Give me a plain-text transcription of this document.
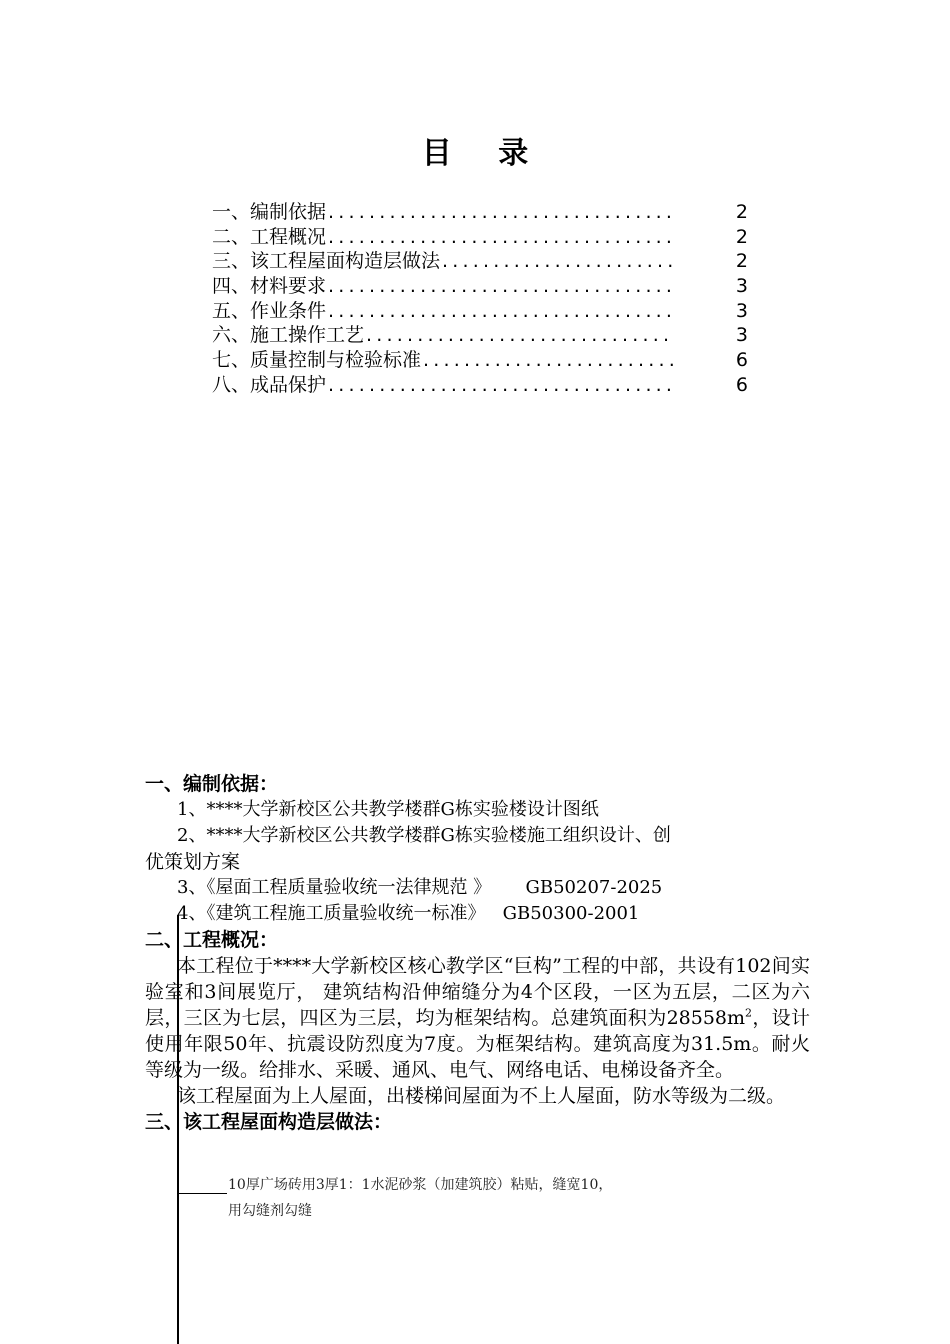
目 录
一、编制依据 ..................................	2
二、工程概况 ..................................	2
三、该工程屋面构造层做法 .......................	2
四、材料要求 ..................................	3
五、作业条件 ..................................	3
六、施工操作工艺 ..............................	3
七、质量控制与检验标准 .........................	6
八、成品保护 ..................................	6
一、编制依据：
1、****大学新校区公共教学楼群G栋实验楼设计图纸
2、****大学新校区公共教学楼群G栋实验楼施工组织设计、创
优策划方案
3、《屋面工程质量验收统一法律规范 》      GB50207-2025
4、《建筑工程施工质量验收统一标准》   GB50300-2001
二、工程概况：
本工程位于****大学新校区核心教学区“巨构”工程的中部，共设有102间实验室和3间展览厅， 建筑结构沿伸缩缝分为4个区段，一区为五层，二区为六层，三区为七层，四区为三层，均为框架结构。总建筑面积为$28558m^2$，设计使用年限50年、抗震设防烈度为7度。为框架结构。建筑高度为31.5m。耐火等级为一级。给排水、采暖、通风、电气、网络电话、电梯设备齐全。
该工程屋面为上人屋面，出楼梯间屋面为不上人屋面，防水等级为二级。
三、该工程屋面构造层做法：
10厚广场砖用3厚1：1水泥砂浆（加建筑胶）粘贴，缝宽10，
用勾缝剂勾缝
